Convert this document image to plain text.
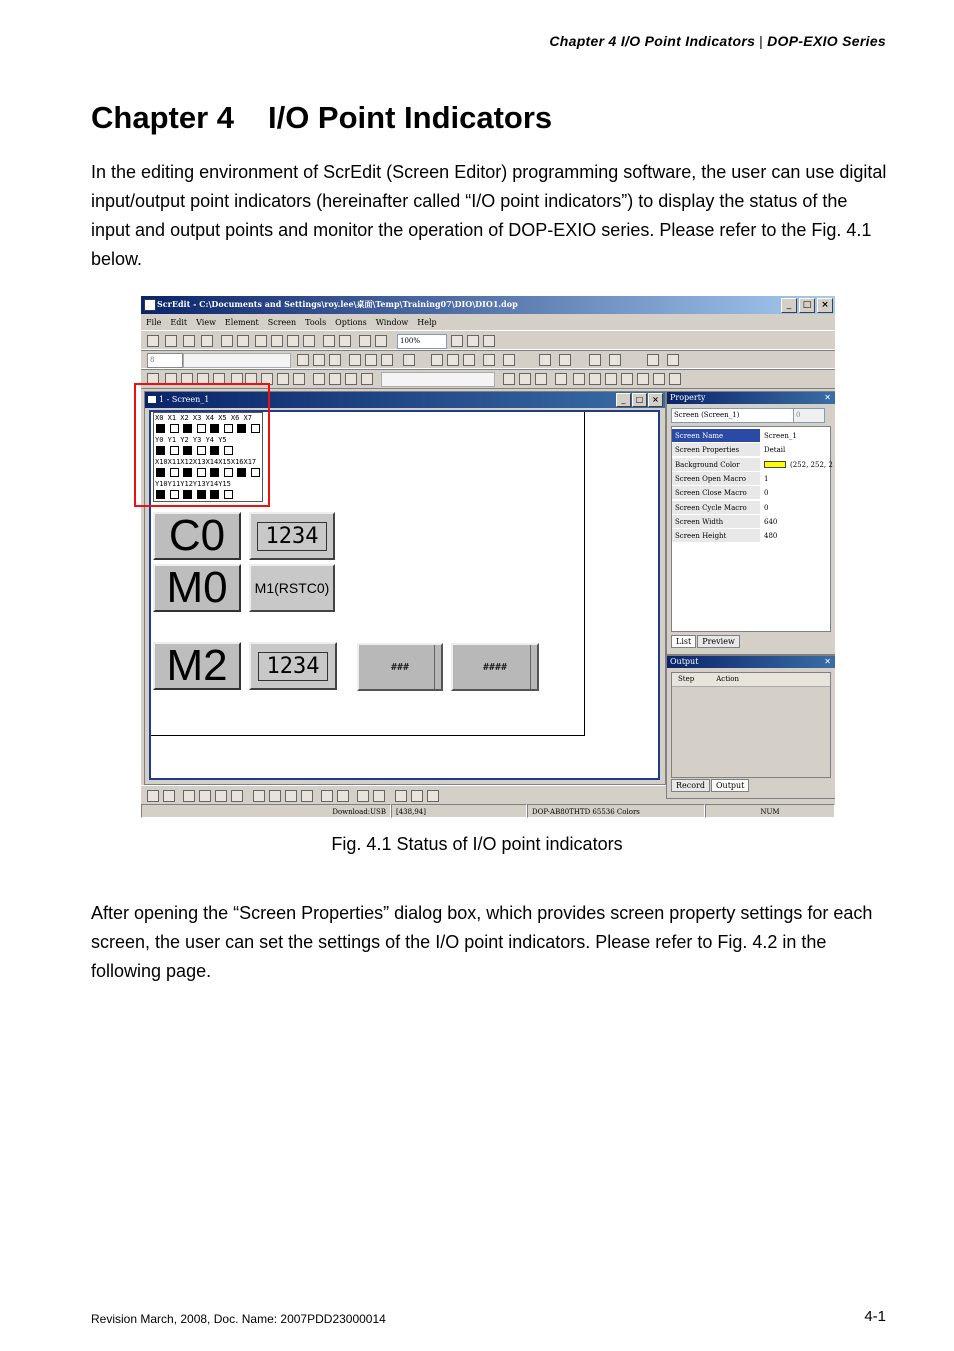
Chapter 4 I/O Point Indicators | DOP-EXIO Series
Chapter 4 I/O Point Indicators

In the editing environment of ScrEdit (Screen Editor) programming software, the user can use digital input/output point indicators (hereinafter called “I/O point indicators”) to display the status of the input and output points and monitor the operation of DOP-EXIO series. Please refer to the Fig. 4.1 below.

ScrEdit - C:\Documents and Settings\roy.lee\桌面\Temp\Training07\DIO\DIO1.dop	_	□	×
File Edit View Element Screen Tools Options Window Help
100%
8
1 - Screen_1	_	□	×
X0 X1 X2 X3 X4 X5 X6 X7
Y0 Y1 Y2 Y3 Y4 Y5
X10X11X12X13X14X15X16X17
Y10Y11Y12Y13Y14Y15
C0
M0
M2
1234
M1(RSTC0)
1234	###	####
Property	✕
Screen (Screen_1)	0
Screen Name	Screen_1
Screen Properties	Detail
Background Color	(252, 252, 2
Screen Open Macro	1
Screen Close Macro	0
Screen Cycle Macro	0
Screen Width	640
Screen Height	480
List	Preview
Output	✕
Step	Action
Record	Output
Download:USB	[438,94]	DOP-AB80THTD 65536 Colors	NUM
Fig. 4.1 Status of I/O point indicators

After opening the “Screen Properties” dialog box, which provides screen property settings for each screen, the user can set the settings of the I/O point indicators. Please refer to Fig. 4.2 in the following page.

Revision March, 2008, Doc. Name: 2007PDD23000014	4-1
